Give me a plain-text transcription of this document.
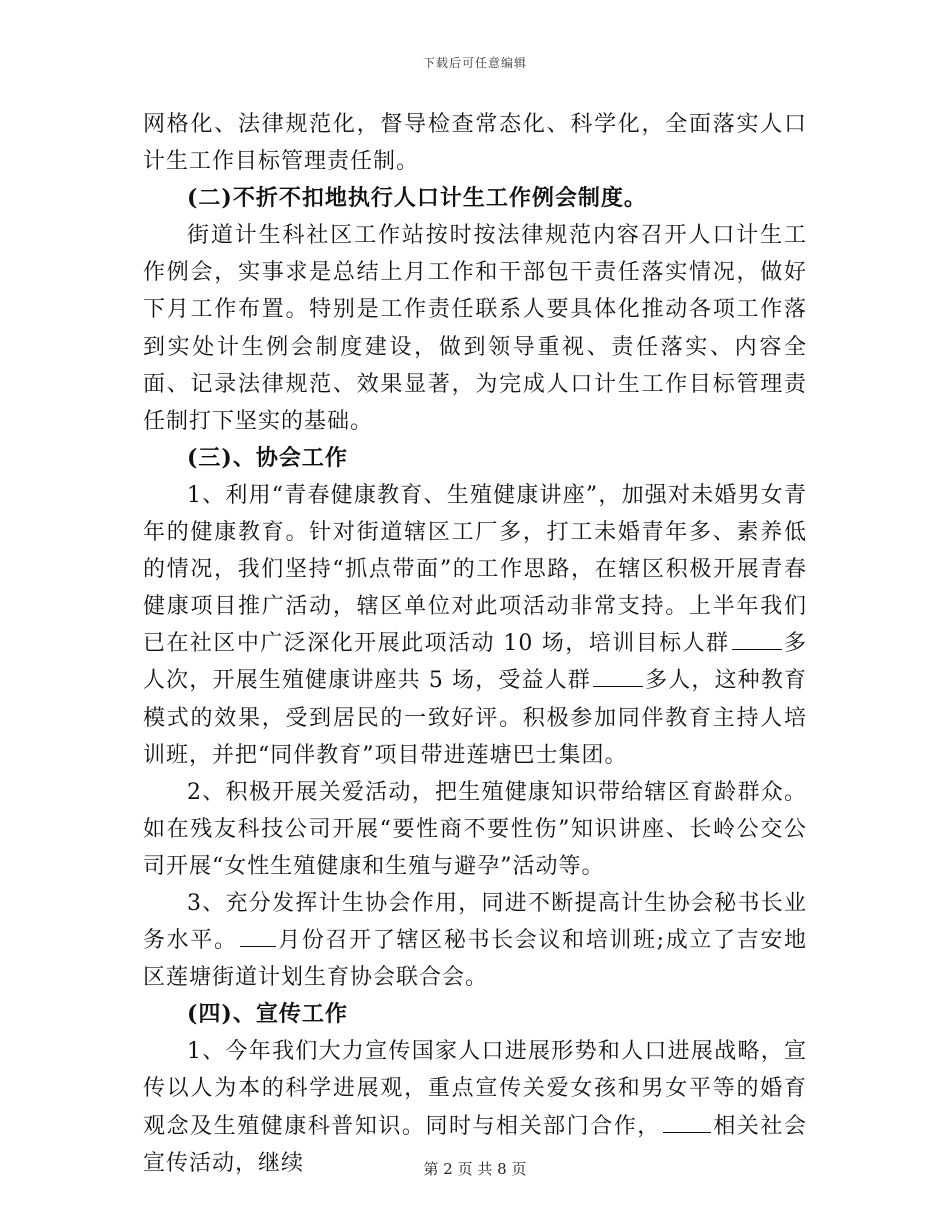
下载后可任意编辑

网格化、法律规范化，督导检查常态化、科学化，全面落实人口计生工作目标管理责任制。

(二)不折不扣地执行人口计生工作例会制度。

街道计生科社区工作站按时按法律规范内容召开人口计生工作例会，实事求是总结上月工作和干部包干责任落实情况，做好下月工作布置。特别是工作责任联系人要具体化推动各项工作落到实处计生例会制度建设，做到领导重视、责任落实、内容全面、记录法律规范、效果显著，为完成人口计生工作目标管理责任制打下坚实的基础。

(三)、协会工作

1、利用“青春健康教育、生殖健康讲座”，加强对未婚男女青年的健康教育。针对街道辖区工厂多，打工未婚青年多、素养低的情况，我们坚持“抓点带面”的工作思路，在辖区积极开展青春健康项目推广活动，辖区单位对此项活动非常支持。上半年我们已在社区中广泛深化开展此项活动 10 场，培训目标人群 多人次，开展生殖健康讲座共 5 场，受益人群 多人，这种教育模式的效果，受到居民的一致好评。积极参加同伴教育主持人培训班，并把“同伴教育”项目带进莲塘巴士集团。

2、积极开展关爱活动，把生殖健康知识带给辖区育龄群众。如在残友科技公司开展“要性商不要性伤”知识讲座、长岭公交公司开展“女性生殖健康和生殖与避孕”活动等。

3、充分发挥计生协会作用，同进不断提高计生协会秘书长业务水平。 月份召开了辖区秘书长会议和培训班;成立了吉安地区莲塘街道计划生育协会联合会。

(四)、宣传工作

1、今年我们大力宣传国家人口进展形势和人口进展战略，宣传以人为本的科学进展观，重点宣传关爱女孩和男女平等的婚育观念及生殖健康科普知识。同时与相关部门合作， 相关社会宣传活动，继续	第 2 页 共 8 页
